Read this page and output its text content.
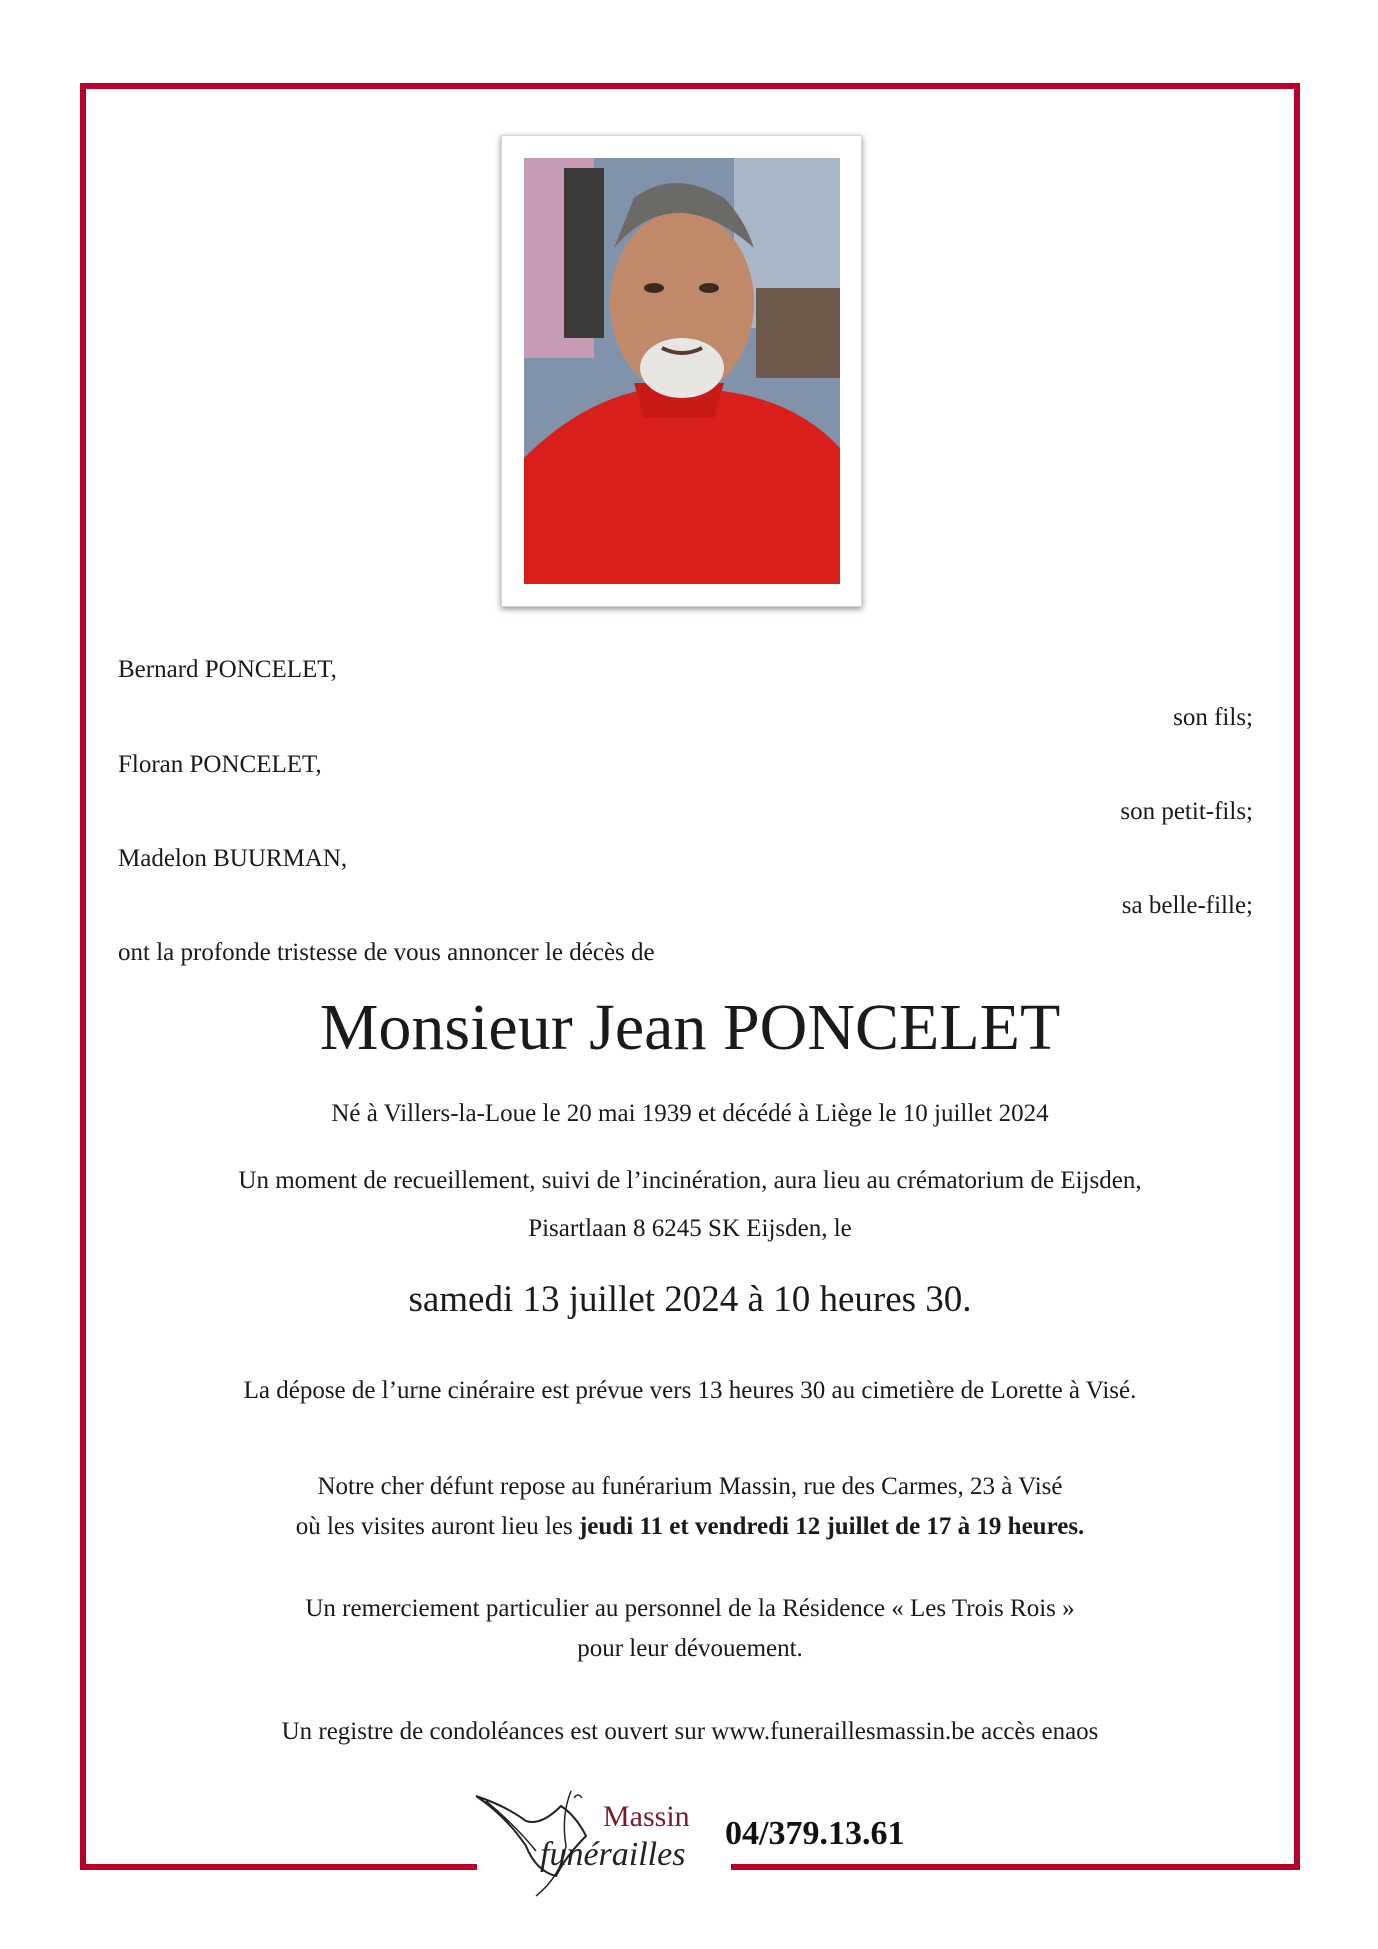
Bernard PONCELET,
son fils;
Floran PONCELET,
son petit-fils;
Madelon BUURMAN,
sa belle-fille;
ont la profonde tristesse de vous annoncer le décès de
Monsieur Jean PONCELET
Né à Villers-la-Loue le 20 mai 1939 et décédé à Liège le 10 juillet 2024
Un moment de recueillement, suivi de l’incinération, aura lieu au crématorium de Eijsden,
Pisartlaan 8 6245 SK Eijsden, le
samedi 13 juillet 2024 à 10 heures 30.
La dépose de l’urne cinéraire est prévue vers 13 heures 30 au cimetière de Lorette à Visé.
Notre cher défunt repose au funérarium Massin, rue des Carmes, 23 à Visé
où les visites auront lieu les jeudi 11 et vendredi 12 juillet de 17 à 19 heures.
Un remerciement particulier au personnel de la Résidence « Les Trois Rois »
pour leur dévouement.
Un registre de condoléances est ouvert sur www.funeraillesmassin.be accès enaos
Massin
funérailles
04/379.13.61
